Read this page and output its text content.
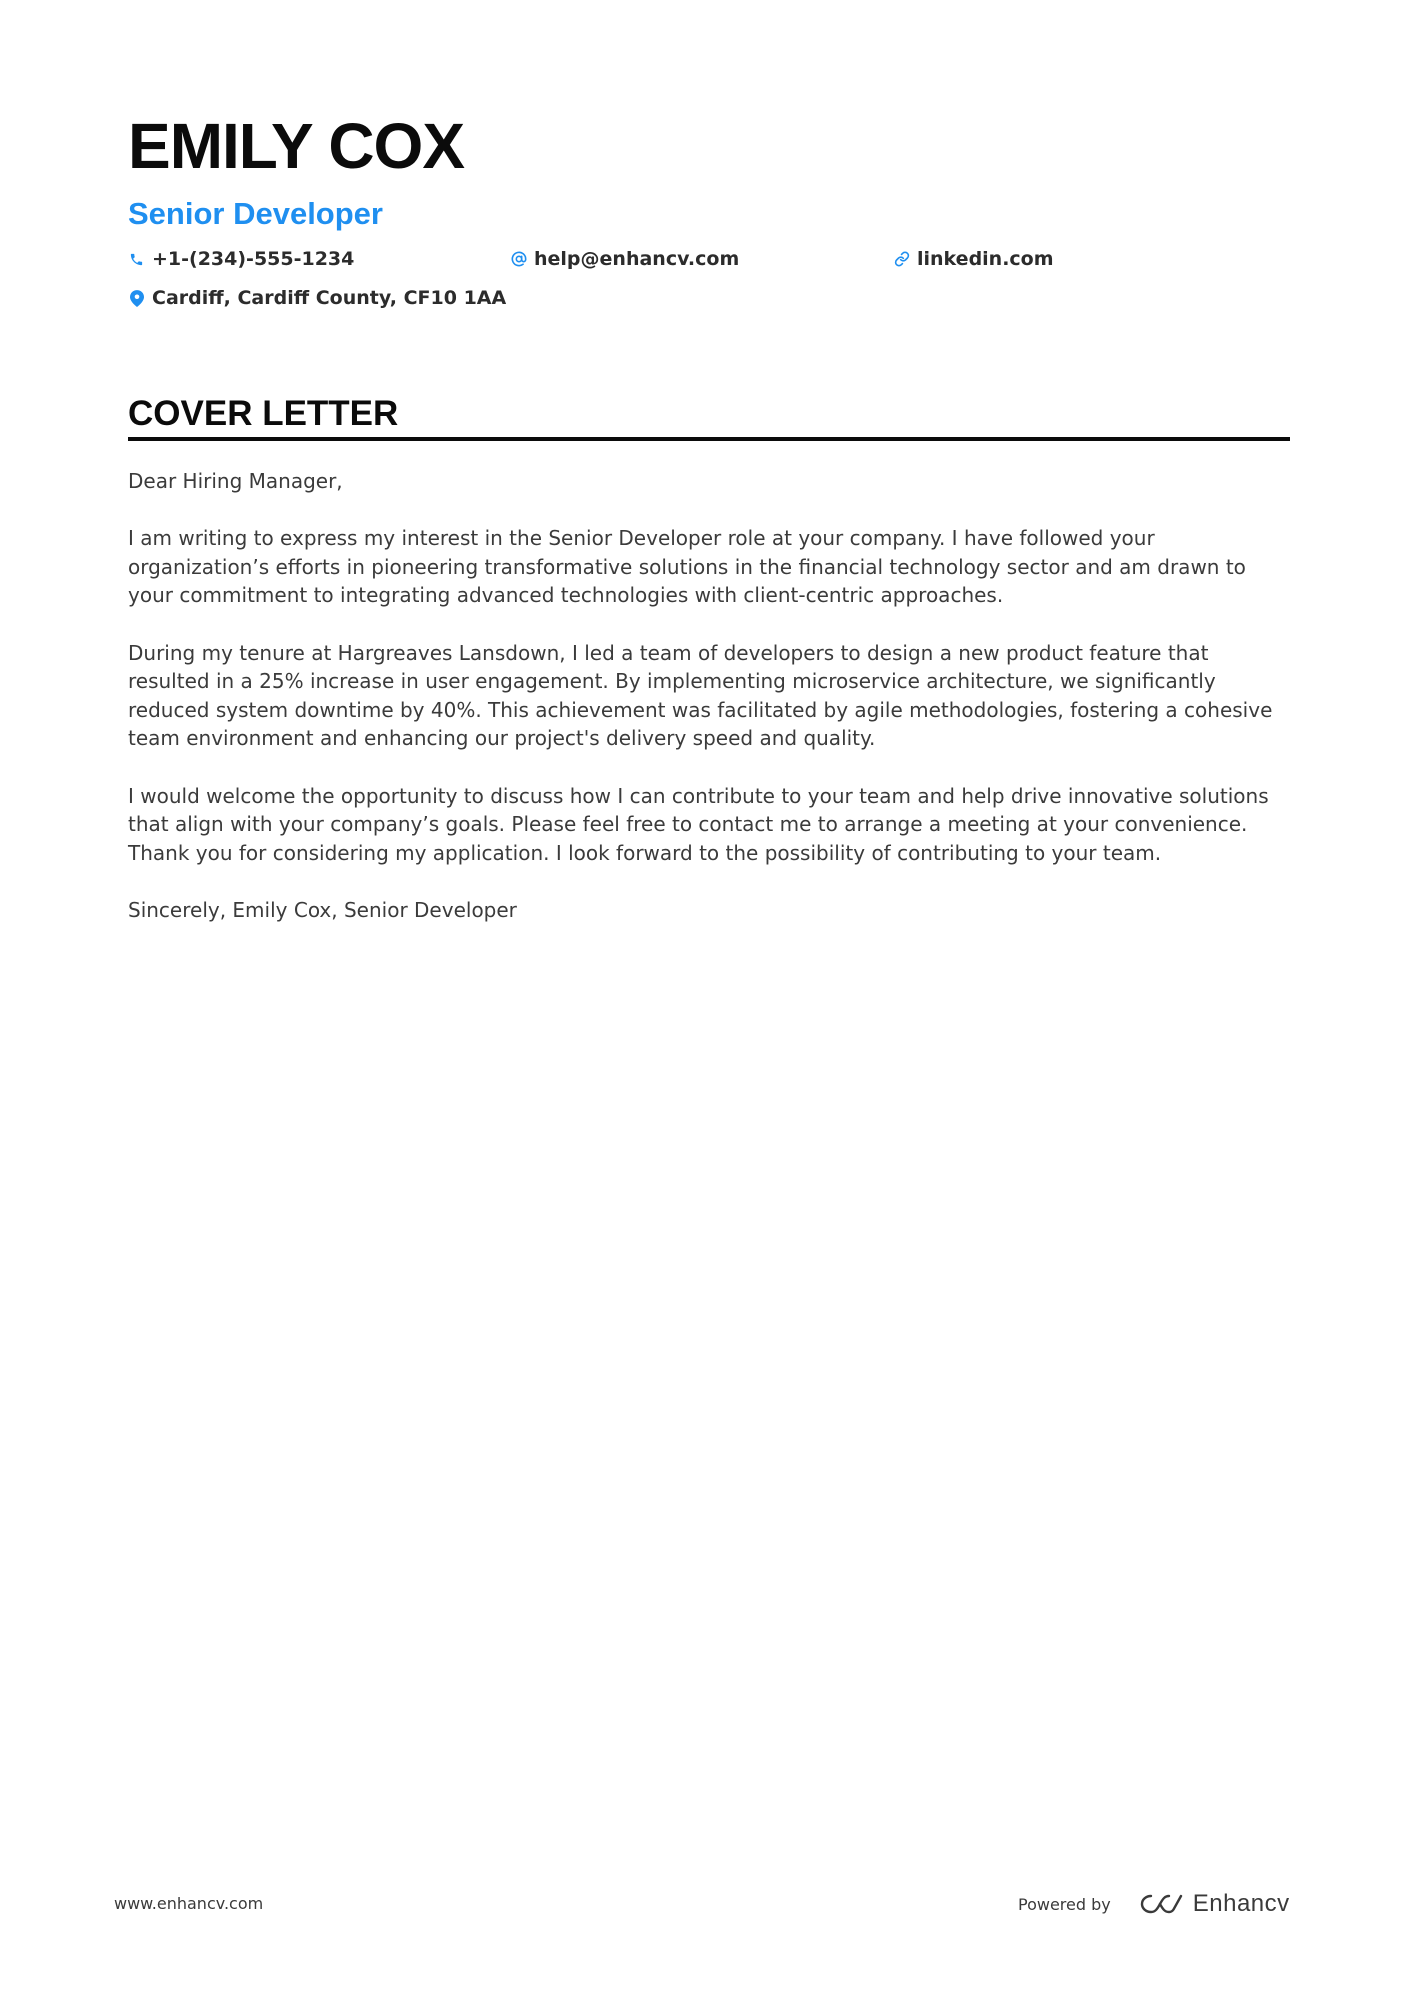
EMILY COX
Senior Developer
+1-(234)-555-1234	help@enhancv.com	linkedin.com
Cardiff, Cardiff County, CF10 1AA
COVER LETTER

Dear Hiring Manager,

I am writing to express my interest in the Senior Developer role at your company. I have followed your organization’s efforts in pioneering transformative solutions in the financial technology sector and am drawn to your commitment to integrating advanced technologies with client-centric approaches.

During my tenure at Hargreaves Lansdown, I led a team of developers to design a new product feature that resulted in a 25% increase in user engagement. By implementing microservice architecture, we significantly reduced system downtime by 40%. This achievement was facilitated by agile methodologies, fostering a cohesive team environment and enhancing our project's delivery speed and quality.

I would welcome the opportunity to discuss how I can contribute to your team and help drive innovative solutions that align with your company’s goals. Please feel free to contact me to arrange a meeting at your convenience. Thank you for considering my application. I look forward to the possibility of contributing to your team.

Sincerely, Emily Cox, Senior Developer

www.enhancv.com	Powered by	Enhancv
